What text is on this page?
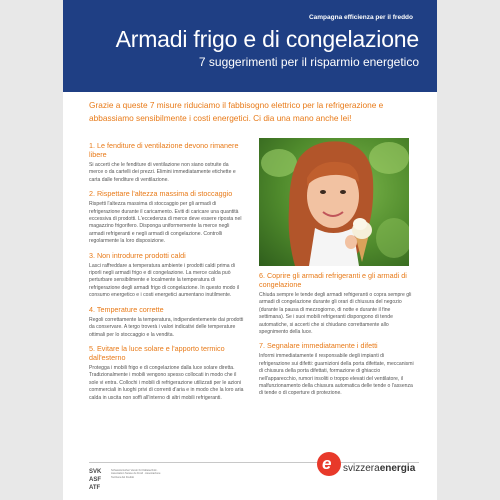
Campagna efficienza per il freddo
Armadi frigo e di congelazione
7 suggerimenti per il risparmio energetico
Grazie a queste 7 misure riduciamo il fabbisogno elettrico per la refrigerazione e abbassiamo sensibilmente i costi energetici. Ci dia una mano anche lei!
1. Le fenditure di ventilazione devono rimanere libere

Si accerti che le fenditure di ventilazione non siano ostruite da merce o da cartelli dei prezzi. Elimini immediatamente etichette e carta dalle fenditure di ventilazione.

2. Rispettare l'altezza massima di stoccaggio

Rispetti l'altezza massima di stoccaggio per gli armadi di refrigerazione durante il caricamento. Eviti di caricare una quantità eccessiva di prodotti. L'eccedenza di merce deve essere riposta nel magazzino frigorifero. Disponga uniformemente la merce negli armadi refrigeranti e negli armadi di congelazione. Controlli regolarmente la loro disposizione.

3. Non introdurre prodotti caldi

Lasci raffreddare a temperatura ambiente i prodotti caldi prima di riporli negli armadi frigo e di congelazione. La merce calda può perturbare sensibilmente e localmente la temperatura di refrigerazione degli armadi frigo di congelazione. In questo modo il consumo energetico e i costi energetici aumentano inutilmente.

4. Temperature corrette

Regoli correttamente la temperatura, indipendentemente dai prodotti da conservare. A tergo troverà i valori indicativi delle temperature ottimali per lo stoccaggio e la vendita.

5. Evitare la luce solare e l'apporto termico dall'esterno

Protegga i mobili frigo e di congelazione dalla luce solare diretta. Tradizionalmente i mobili vengono spesso collocati in modo che il sole vi entra. Collochi i mobili di refrigerazione utilizzati per le azioni commerciali in luoghi privi di correnti d'aria e in modo che la loro aria calda in uscita non soffi all'interno di altri mobili refrigeranti.

6. Coprire gli armadi refrigeranti e gli armadi di congelazione

Chiuda sempre le tende degli armadi refrigeranti o copra sempre gli armadi di congelazione durante gli orari di chiusura del negozio (durante la pausa di mezzogiorno, di notte e durante il fine settimana). Se i suoi mobili refrigeranti dispongono di tende automatiche, si accerti che si chiudano correttamente allo spegnimento della luce.

7. Segnalare immediatamente i difetti

Informi immediatamente il responsabile degli impianti di refrigerazione sui difetti: guarnizioni della porta difettate, meccanismi di chiusura della porta difettati, formazione di ghiaccio nell'apparecchio, rumori insoliti o troppo elevati del ventilatore, il malfunzionamento della chiusura automatica delle tende o l'assenza di tende o di coperture di protezione.

SVK
ASF
ATF
Schweizerischer Verein für Kältetechnik · Association Suisse du Froid · Associazione Svizzera del Freddo
e svizzeraenergia
